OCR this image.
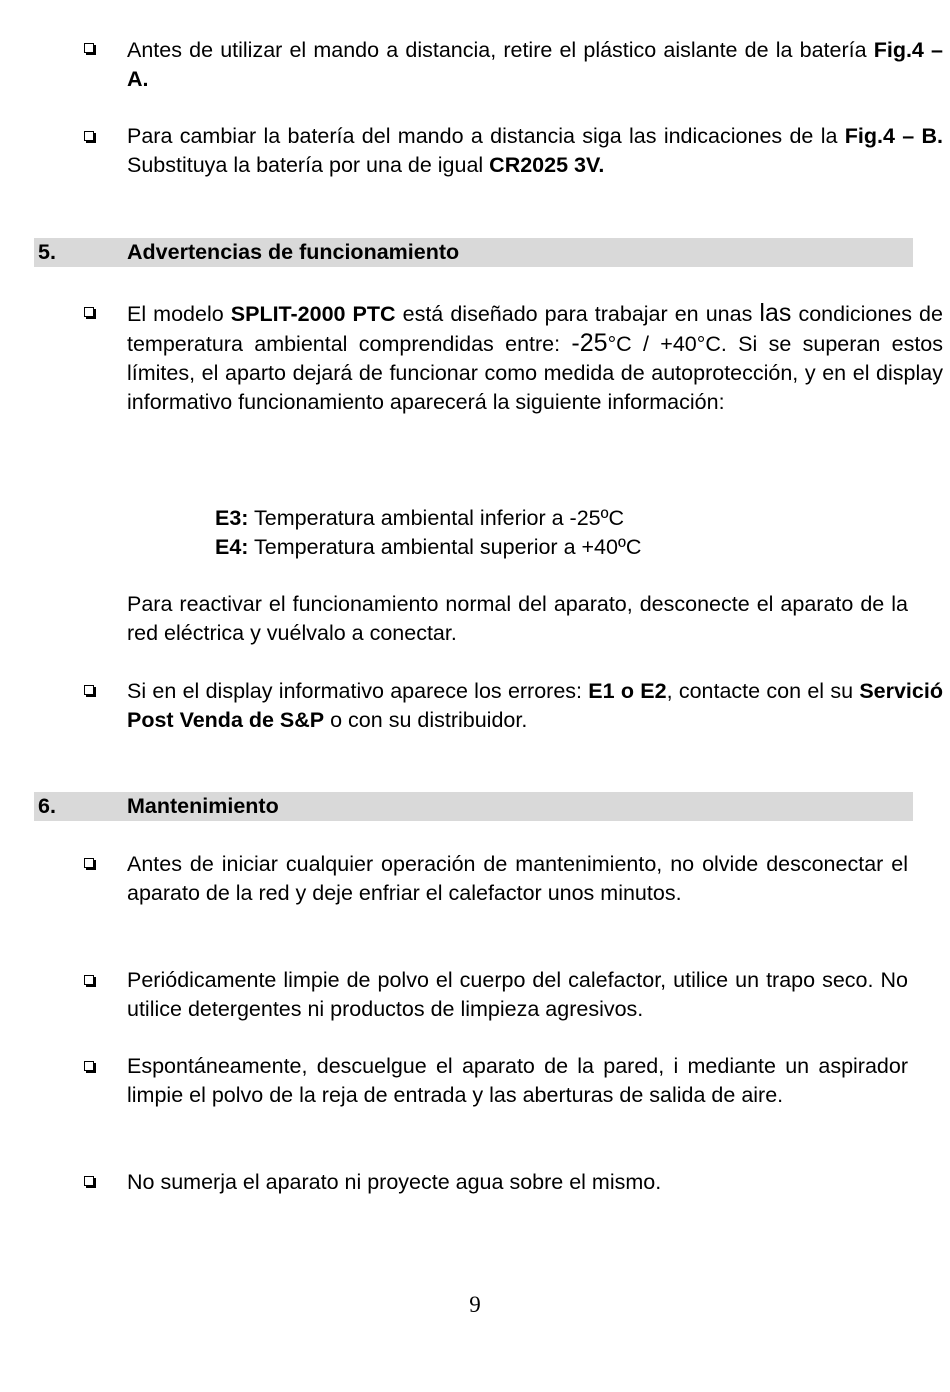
Antes de utilizar el mando a distancia, retire el plástico aislante de la batería Fig.4 – A.
Para cambiar la batería del mando a distancia siga las indicaciones de la Fig.4 – B. Substituya la batería por una de igual CR2025 3V.
5.	Advertencias de funcionamiento
El modelo SPLIT-2000 PTC está diseñado para trabajar en unas las condiciones de temperatura ambiental comprendidas entre: -25°C / +40°C. Si se superan estos límites, el aparto dejará de funcionar como medida de autoprotección, y en el display informativo funcionamiento aparecerá la siguiente información:
E3: Temperatura ambiental inferior a -25ºC
E4: Temperatura ambiental superior a +40ºC
Para reactivar el funcionamiento normal del aparato, desconecte el aparato de la red eléctrica y vuélvalo a conectar.
Si en el display informativo aparece los errores: E1 o E2, contacte con el su Servició Post Venda de S&P o con su distribuidor.
6.	Mantenimiento
Antes de iniciar cualquier operación de mantenimiento, no olvide desconectar el aparato de la red y deje enfriar el calefactor unos minutos.
Periódicamente limpie de polvo el cuerpo del calefactor, utilice un trapo seco. No utilice detergentes ni productos de limpieza agresivos.
Espontáneamente, descuelgue el aparato de la pared, i mediante un aspirador limpie el polvo de la reja de entrada y las aberturas de salida de aire.
No sumerja el aparato ni proyecte agua sobre el mismo.
9
